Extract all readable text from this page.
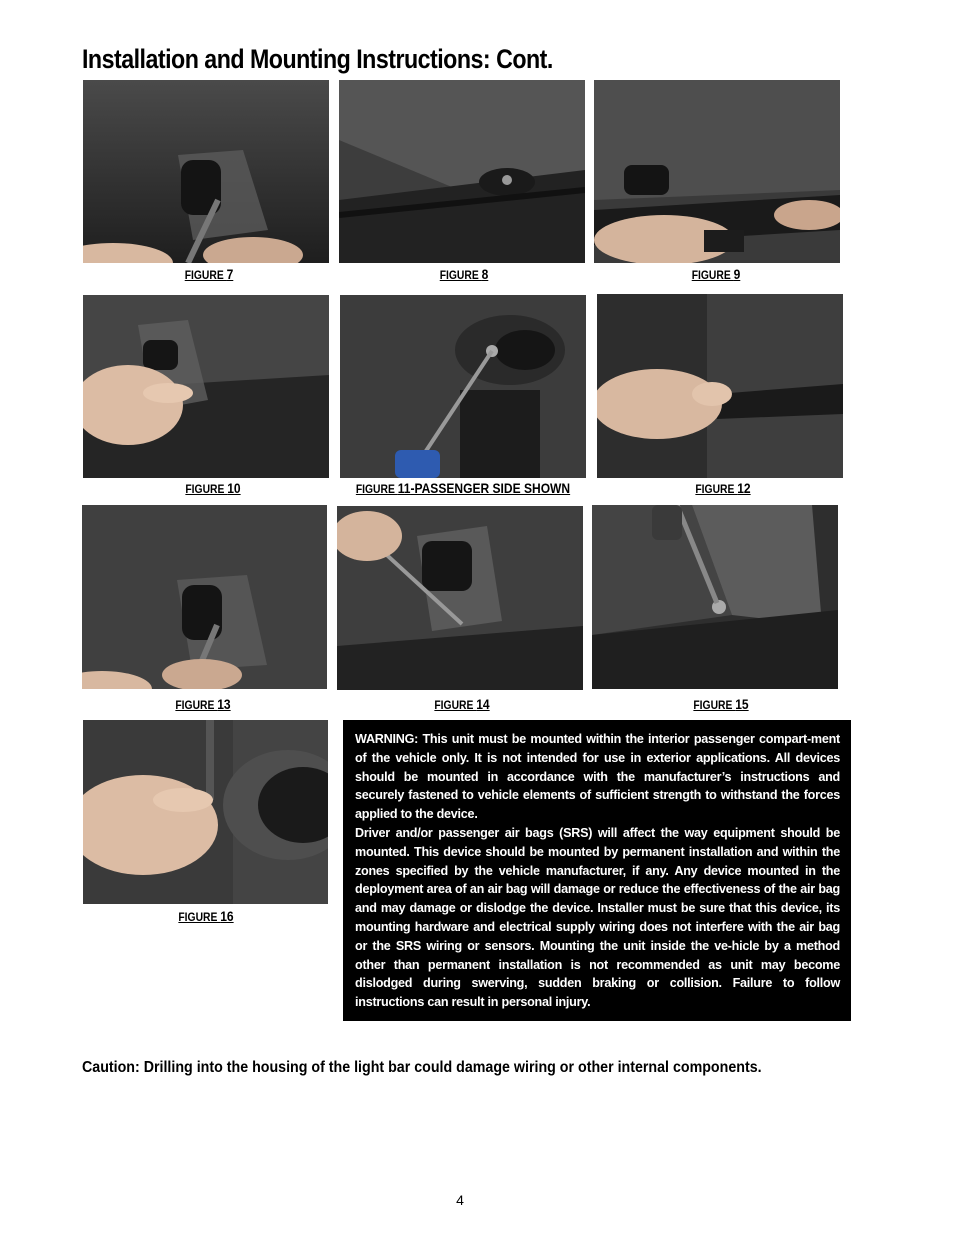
Installation and Mounting Instructions: Cont.
FIGURE 7	FIGURE 8	FIGURE 9
FIGURE 10	FIGURE 11-PASSENGER SIDE SHOWN	FIGURE 12
FIGURE 13	FIGURE 14	FIGURE 15
FIGURE 16

WARNING: This unit must be mounted within the interior passenger compart-ment of the vehicle only. It is not intended for use in exterior applications. All devices should be mounted in accordance with the manufacturer’s instructions and securely fastened to vehicle elements of sufficient strength to withstand the forces applied to the device.

Driver and/or passenger air bags (SRS) will affect the way equipment should be mounted. This device should be mounted by permanent installation and within the zones specified by the vehicle manufacturer, if any. Any device mounted in the deployment area of an air bag will damage or reduce the effectiveness of the air bag and may damage or dislodge the device. Installer must be sure that this device, its mounting hardware and electrical supply wiring does not interfere with the air bag or the SRS wiring or sensors. Mounting the unit inside the ve-hicle by a method other than permanent installation is not recommended as unit may become dislodged during swerving, sudden braking or collision. Failure to follow instructions can result in personal injury.

Caution: Drilling into the housing of the light bar could damage wiring or other internal components.

4
